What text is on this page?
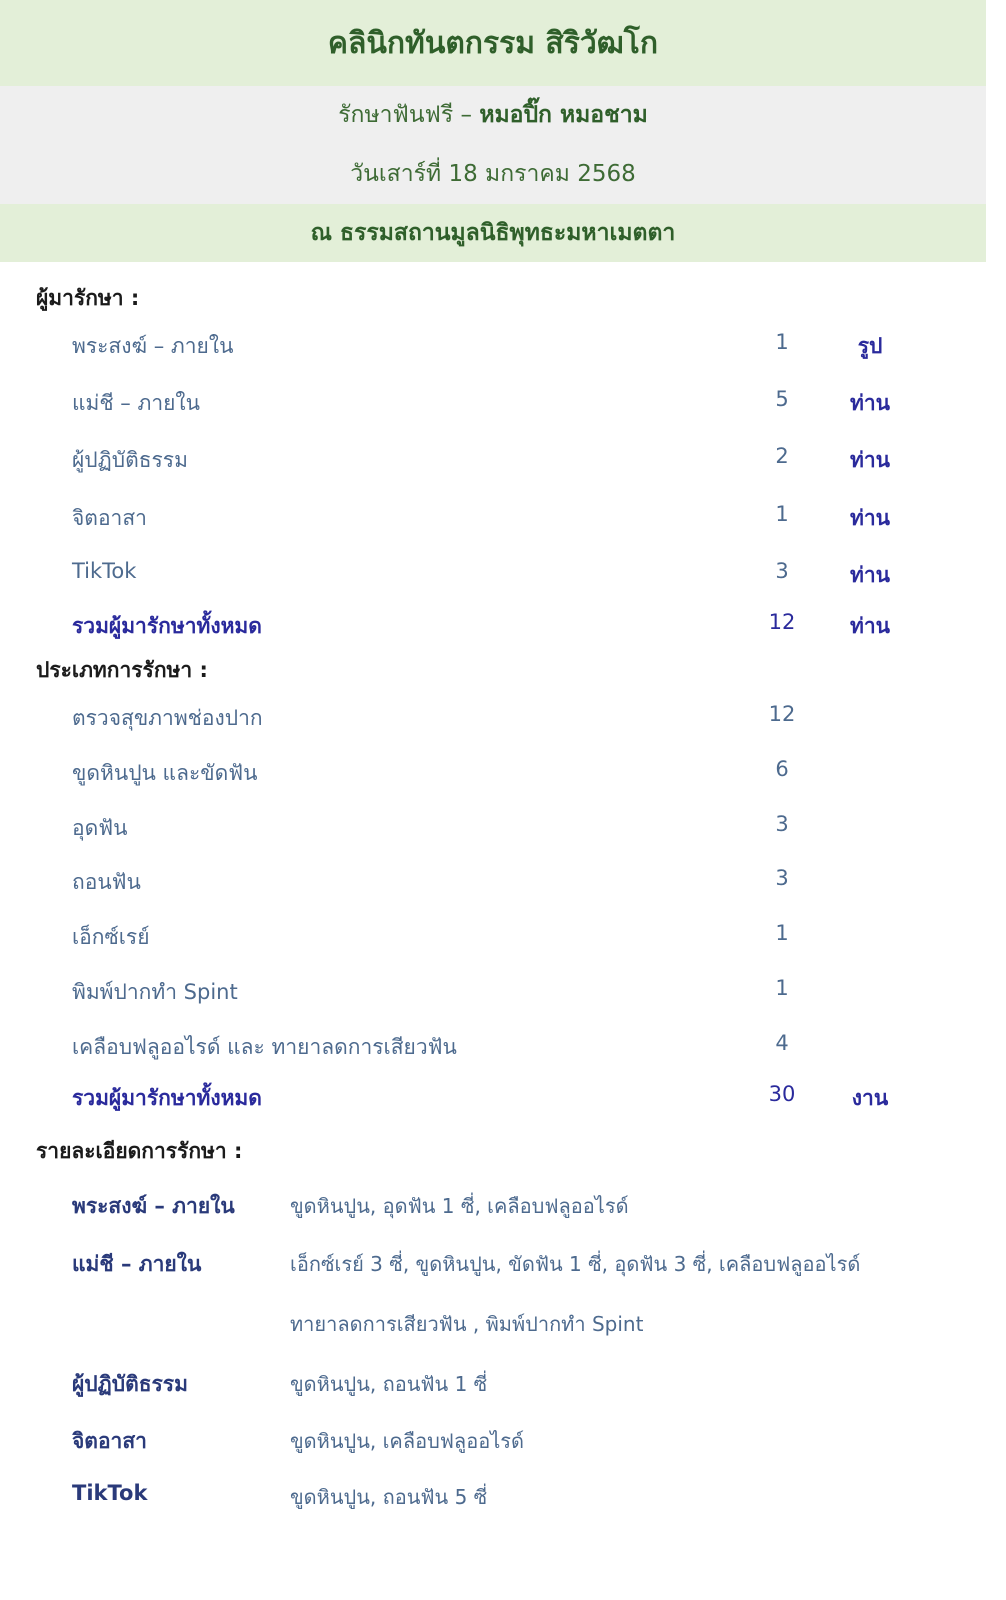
คลินิกทันตกรรม สิริวัฒโก
รักษาฟันฟรี – หมอปิ๊ก หมอชาม
วันเสาร์ที่ 18 มกราคม 2568
ณ ธรรมสถานมูลนิธิพุทธะมหาเมตตา
ผู้มารักษา :
พระสงฆ์ – ภายใน	1	รูป
แม่ชี – ภายใน	5	ท่าน
ผู้ปฏิบัติธรรม	2	ท่าน
จิตอาสา	1	ท่าน
TikTok	3	ท่าน
รวมผู้มารักษาทั้งหมด	12	ท่าน
ประเภทการรักษา :
ตรวจสุขภาพช่องปาก	12
ขูดหินปูน และขัดฟัน	6
อุดฟัน	3
ถอนฟัน	3
เอ็กซ์เรย์	1
พิมพ์ปากทำ Spint	1
เคลือบฟลูออไรด์ และ ทายาลดการเสียวฟัน	4
รวมผู้มารักษาทั้งหมด	30	งาน
รายละเอียดการรักษา :
พระสงฆ์ – ภายใน	ขูดหินปูน, อุดฟัน 1 ซี่, เคลือบฟลูออไรด์
แม่ชี – ภายใน	เอ็กซ์เรย์ 3 ซี่, ขูดหินปูน, ขัดฟัน 1 ซี่, อุดฟัน 3 ซี่, เคลือบฟลูออไรด์
ทายาลดการเสียวฟัน , พิมพ์ปากทำ Spint
ผู้ปฏิบัติธรรม	ขูดหินปูน, ถอนฟัน 1 ซี่
จิตอาสา	ขูดหินปูน, เคลือบฟลูออไรด์
TikTok	ขูดหินปูน, ถอนฟัน 5 ซี่
